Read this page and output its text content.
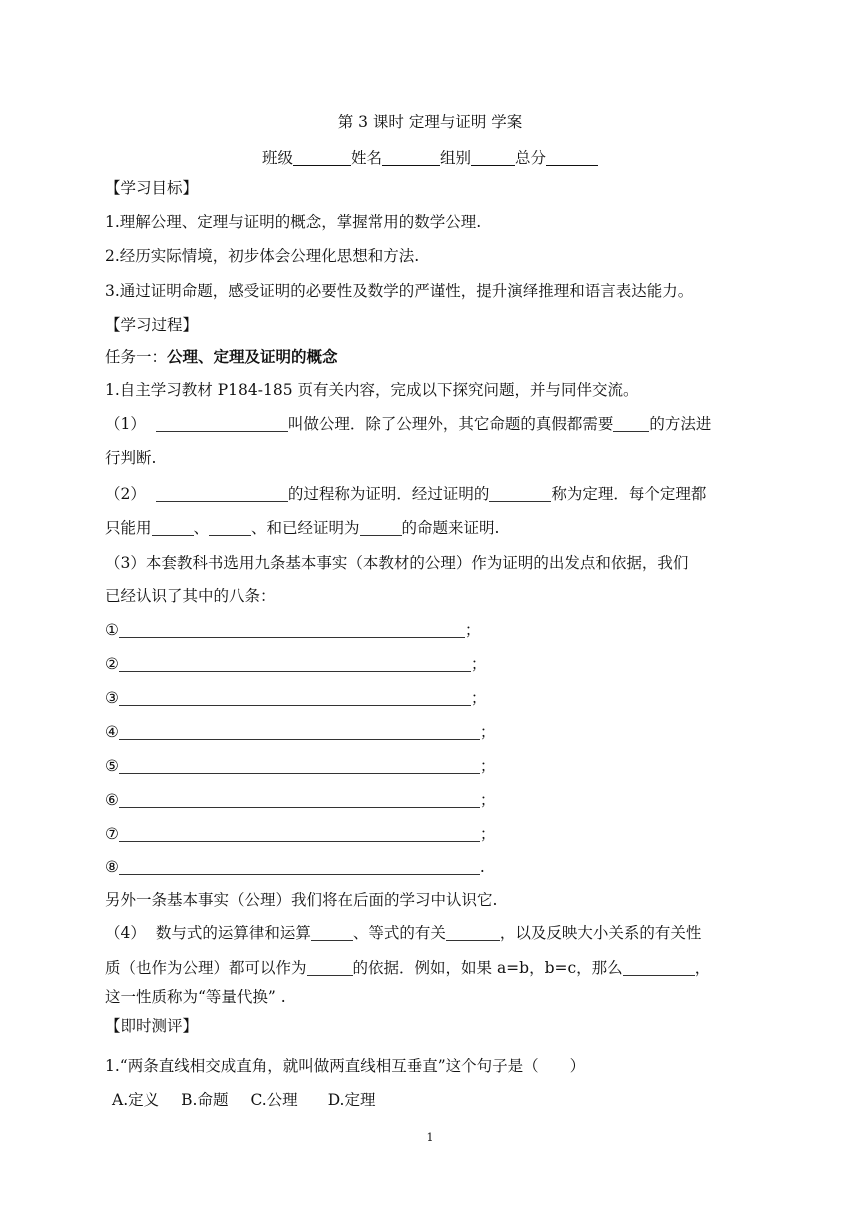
第 3 课时 定理与证明 学案
班级	姓名	组别	总分
【学习目标】
1.理解公理、定理与证明的概念，掌握常用的数学公理.
2.经历实际情境，初步体会公理化思想和方法.
3.通过证明命题，感受证明的必要性及数学的严谨性，提升演绎推理和语言表达能力。
【学习过程】
任务一：公理、定理及证明的概念
1.自主学习教材 P184-185 页有关内容，完成以下探究问题，并与同伴交流。
（1）	叫做公理．除了公理外，其它命题的真假都需要 的方法进
行判断.
（2）	的过程称为证明．经过证明的	称为定理．每个定理都
只能用	、	、和已经证明为	的命题来证明.
（3）本套教科书选用九条基本事实（本教材的公理）作为证明的出发点和依据，我们
已经认识了其中的八条：
①	；
②	；
③	；
④	；
⑤	；
⑥	；
⑦	；
⑧	.
另外一条基本事实（公理）我们将在后面的学习中认识它.
（4） 数与式的运算律和运算	、等式的有关	，以及反映大小关系的有关性
质（也作为公理）都可以作为	的依据．例如，如果 a=b，b=c，那么	，
这一性质称为“等量代换” .
【即时测评】
1.“两条直线相交成直角，就叫做两直线相互垂直”这个句子是（　　）
A.定义 B.命题 C.公理 D.定理
1
